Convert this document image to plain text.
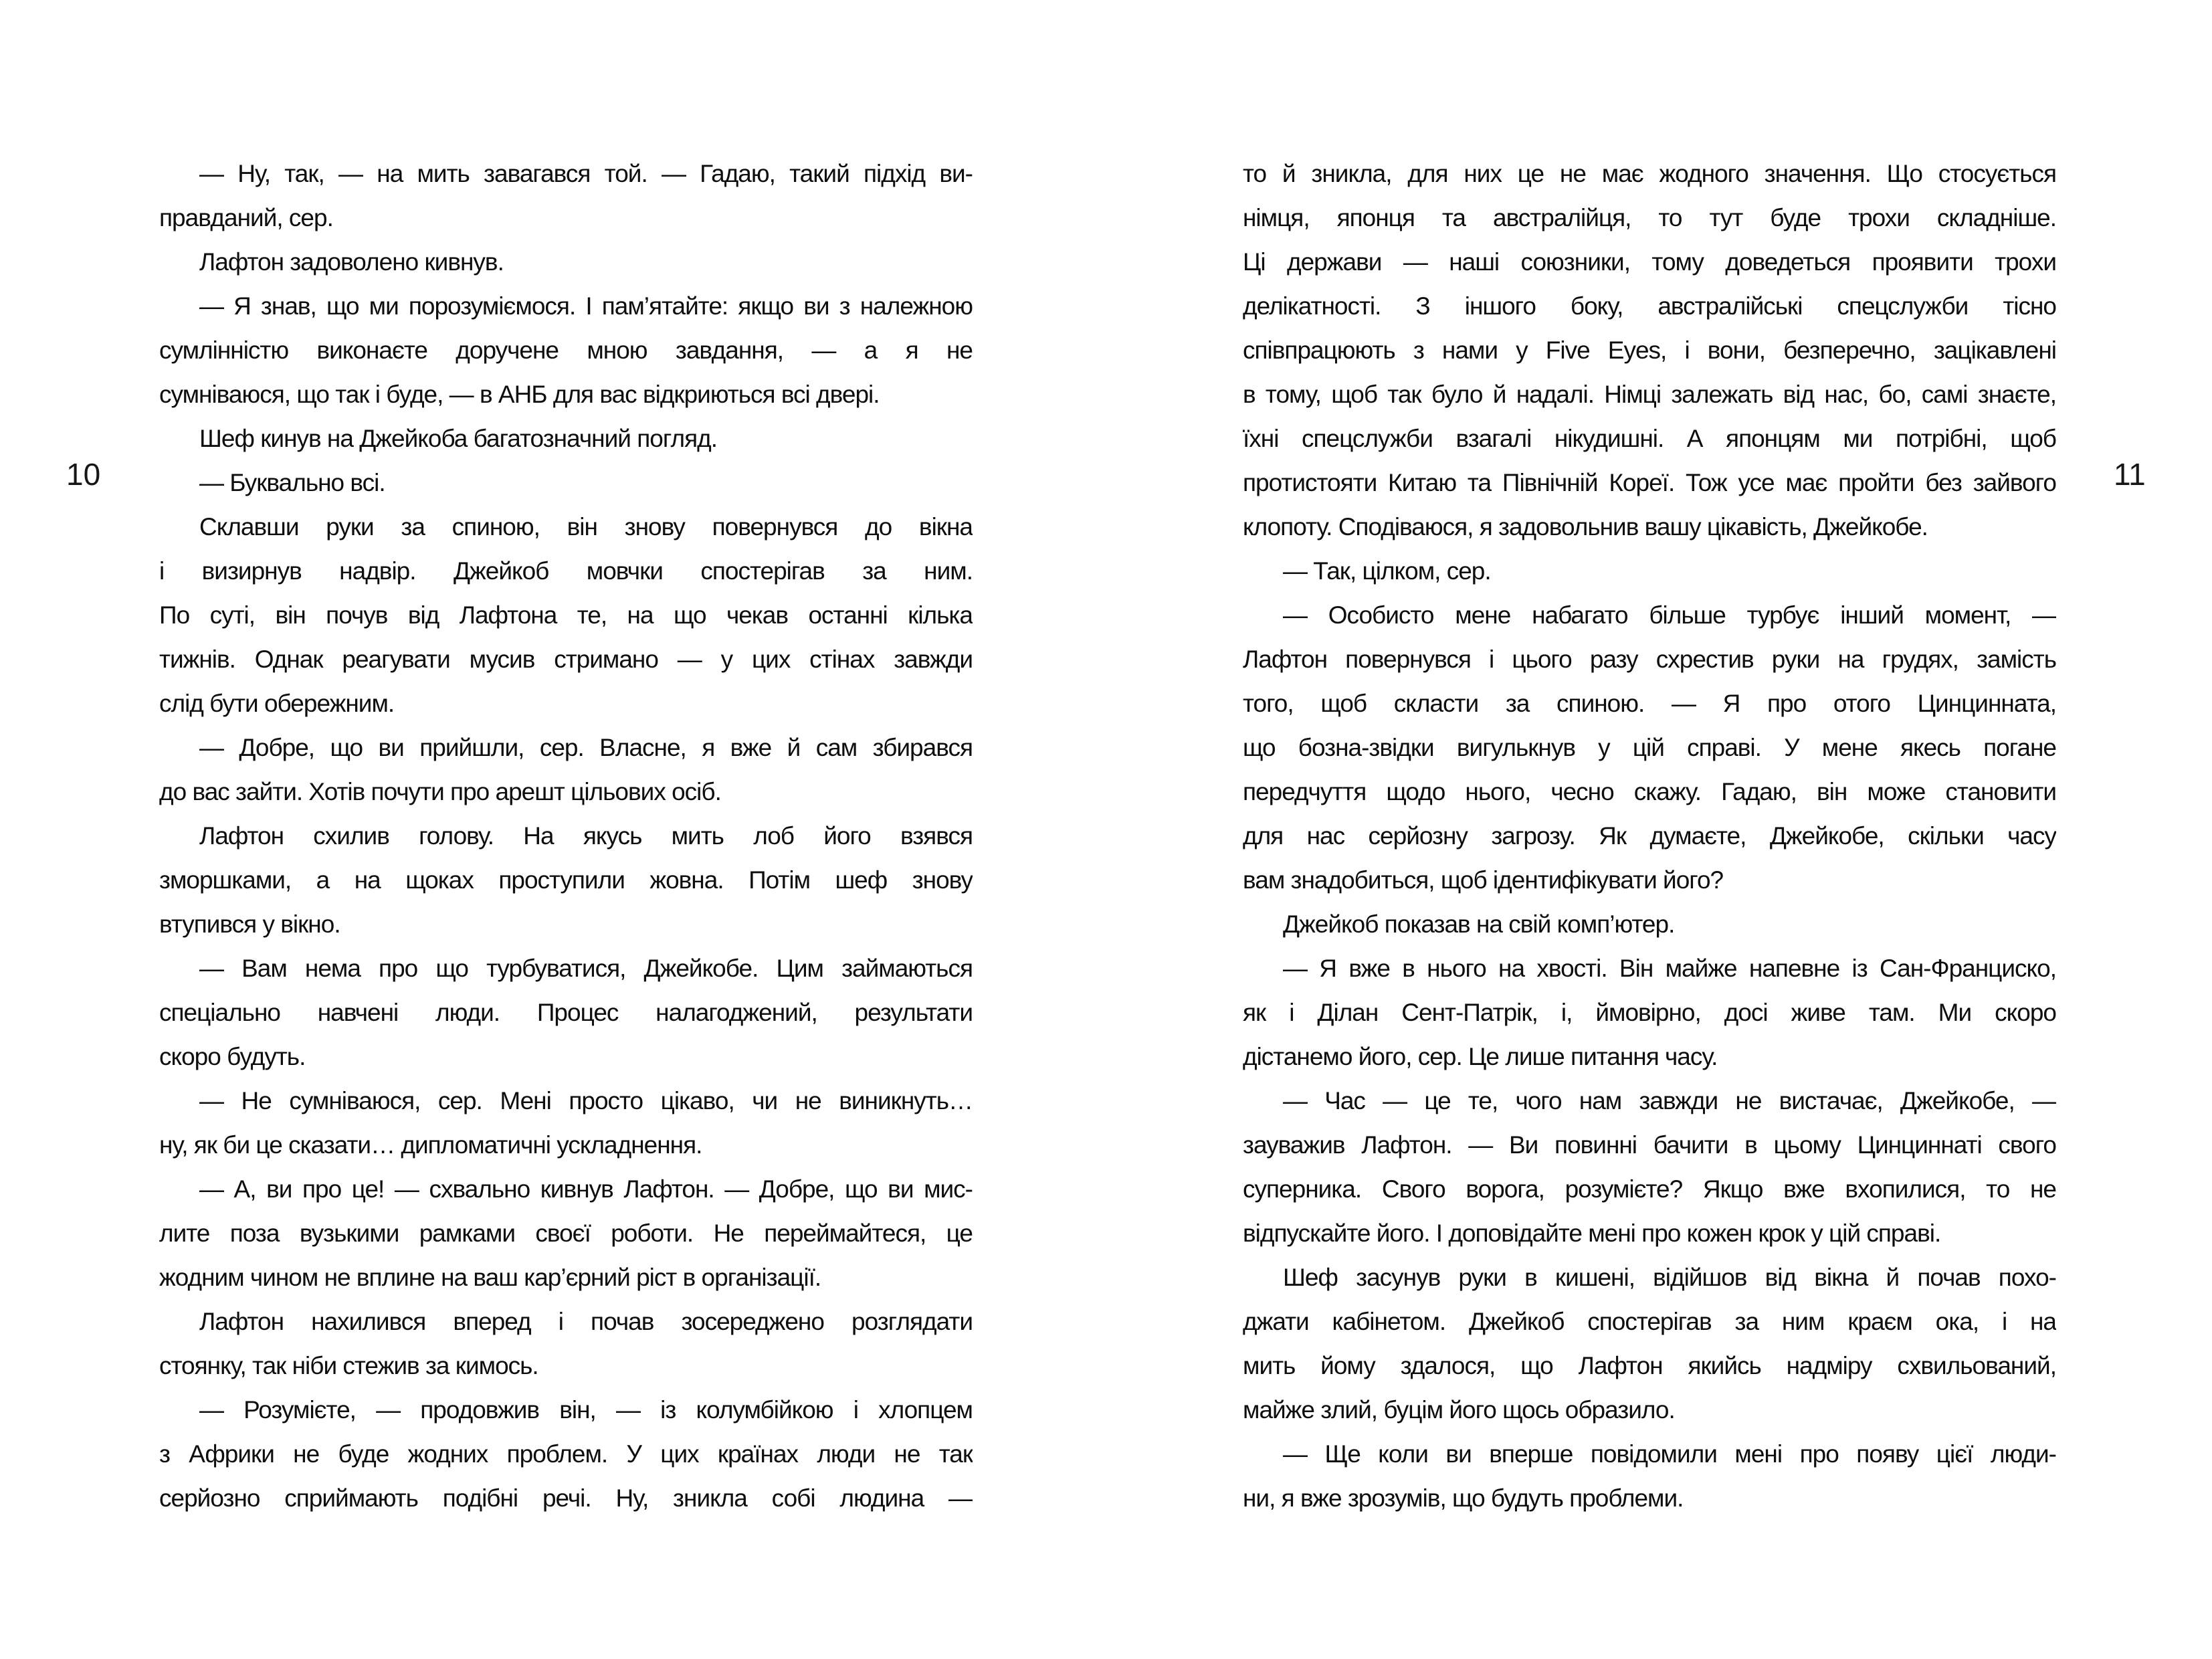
10
— Ну, так, — на мить завагався той. — Гадаю, такий підхід ви-
правданий, сер.
Лафтон задоволено кивнув.
— Я знав, що ми порозуміємося. І пам’ятайте: якщо ви з належною
сумлінністю виконаєте доручене мною завдання, — а я не
сумніваюся, що так і буде, — в АНБ для вас відкриються всі двері.
Шеф кинув на Джейкоба багатозначний погляд.
— Буквально всі.
Склавши руки за спиною, він знову повернувся до вікна
і визирнув надвір. Джейкоб мовчки спостерігав за ним.
По суті, він почув від Лафтона те, на що чекав останні кілька
тижнів. Однак реагувати мусив стримано — у цих стінах завжди
слід бути обережним.
— Добре, що ви прийшли, сер. Власне, я вже й сам збирався
до вас зайти. Хотів почути про арешт цільових осіб.
Лафтон схилив голову. На якусь мить лоб його взявся
зморшками, а на щоках проступили жовна. Потім шеф знову
втупився у вікно.
— Вам нема про що турбуватися, Джейкобе. Цим займаються
спеціально навчені люди. Процес налагоджений, результати
скоро будуть.
— Не сумніваюся, сер. Мені просто цікаво, чи не виникнуть…
ну, як би це сказати… дипломатичні ускладнення.
— А, ви про це! — схвально кивнув Лафтон. — Добре, що ви мис-
лите поза вузькими рамками своєї роботи. Не переймайтеся, це
жодним чином не вплине на ваш кар’єрний ріст в організації.
Лафтон нахилився вперед і почав зосереджено розглядати
стоянку, так ніби стежив за кимось.
— Розумієте, — продовжив він, — із колумбійкою і хлопцем
з Африки не буде жодних проблем. У цих країнах люди не так
серйозно сприймають подібні речі. Ну, зникла собі людина —
то й зникла, для них це не має жодного значення. Що стосується
німця, японця та австралійця, то тут буде трохи складніше.
Ці держави — наші союзники, тому доведеться проявити трохи
делікатності. З іншого боку, австралійські спецслужби тісно
співпрацюють з нами у Five Eyes, і вони, безперечно, зацікавлені
в тому, щоб так було й надалі. Німці залежать від нас, бо, самі знаєте,
їхні спецслужби взагалі нікудишні. А японцям ми потрібні, щоб
протистояти Китаю та Північній Кореї. Тож усе має пройти без зайвого
клопоту. Сподіваюся, я задовольнив вашу цікавість, Джейкобе.
— Так, цілком, сер.
— Особисто мене набагато більше турбує інший момент, —
Лафтон повернувся і цього разу схрестив руки на грудях, замість
того, щоб скласти за спиною. — Я про отого Цинцинната,
що бозна-звідки вигулькнув у цій справі. У мене якесь погане
передчуття щодо нього, чесно скажу. Гадаю, він може становити
для нас серйозну загрозу. Як думаєте, Джейкобе, скільки часу
вам знадобиться, щоб ідентифікувати його?
Джейкоб показав на свій комп’ютер.
— Я вже в нього на хвості. Він майже напевне із Сан-Франциско,
як і Ділан Сент-Патрік, і, ймовірно, досі живе там. Ми скоро
дістанемо його, сер. Це лише питання часу.
— Час — це те, чого нам завжди не вистачає, Джейкобе, —
зауважив Лафтон. — Ви повинні бачити в цьому Цинциннаті свого
суперника. Свого ворога, розумієте? Якщо вже вхопилися, то не
відпускайте його. І доповідайте мені про кожен крок у цій справі.
Шеф засунув руки в кишені, відійшов від вікна й почав похо-
джати кабінетом. Джейкоб спостерігав за ним краєм ока, і на
мить йому здалося, що Лафтон якийсь надміру схвильований,
майже злий, буцім його щось образило.
— Ще коли ви вперше повідомили мені про появу цієї люди-
ни, я вже зрозумів, що будуть проблеми.
11
